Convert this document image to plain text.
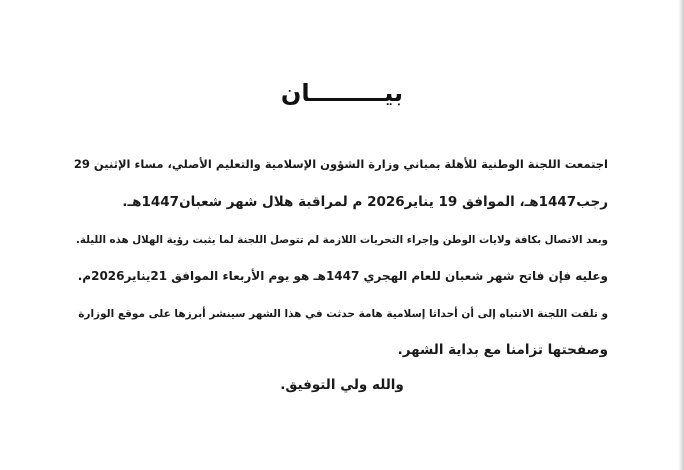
بيـــــــــان
اجتمعت اللجنة الوطنية للأهلة بمباني وزارة الشؤون الإسلامية والتعليم الأصلي، مساء الإثنين 29
رجب1447هـ، الموافق 19 يناير2026 م لمراقبة هلال شهر شعبان1447هـ.
وبعد الاتصال بكافة ولايات الوطن وإجراء التحريات اللازمة لم تتوصل اللجنة لما يثبت رؤية الهلال هذه الليلة.
وعليه فإن فاتح شهر شعبان للعام الهجري 1447هـ هو يوم الأربعاء الموافق 21يناير2026م.
و تلفت اللجنة الانتباه إلى أن أحداثا إسلامية هامة حدثت في هذا الشهر سينشر أبرزها على موقع الوزارة
وصفحتها تزامنا مع بداية الشهر.
والله ولي التوفيق.
